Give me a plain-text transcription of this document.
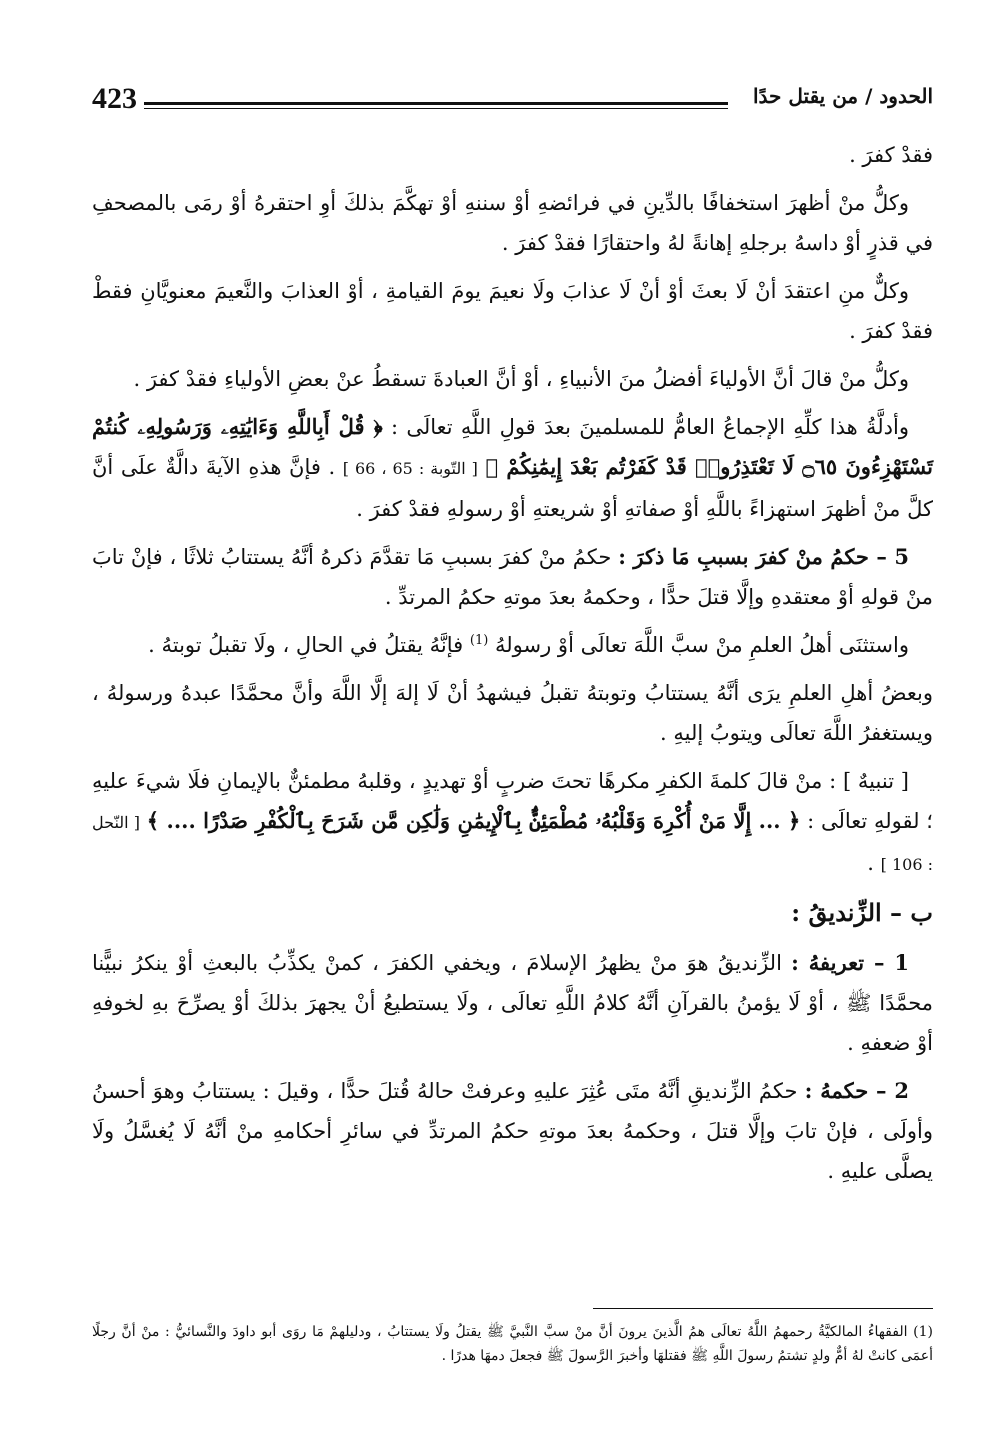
423	الحدود / من يقتل حدًا

فقدْ كفرَ .

وكلُّ منْ أظهرَ استخفافًا بالدِّينِ في فرائضهِ أوْ سننهِ أوْ تهكَّمَ بذلكَ أوِ احتقرهُ أوْ رمَى بالمصحفِ في قذرٍ أوْ داسهُ برجلهِ إهانةً لهُ واحتقارًا فقدْ كفرَ .

وكلٌّ منِ اعتقدَ أنْ لَا بعثَ أوْ أنْ لَا عذابَ ولَا نعيمَ يومَ القيامةِ ، أوْ العذابَ والنَّعيمَ معنويَّانِ فقطْ فقدْ كفرَ .

وكلُّ منْ قالَ أنَّ الأولياءَ أفضلُ منَ الأنبياءِ ، أوْ أنَّ العبادةَ تسقطُ عنْ بعضِ الأولياءِ فقدْ كفرَ .

وأدلَّةُ هذا كلِّهِ الإجماعُ العامُّ للمسلمينَ بعدَ قولِ اللَّهِ تعالَى : ﴿ قُلْ أَبِاللَّهِ وَءَايَٰتِهِۦ وَرَسُولِهِۦ كُنتُمْ تَسْتَهْزِءُونَ ۝٦٥ لَا تَعْتَذِرُوا۟ قَدْ كَفَرْتُم بَعْدَ إِيمَٰنِكُمْ ﴾ [ التّوبة : 65 ، 66 ] . فإنَّ هذهِ الآيةَ دالَّةٌ علَى أنَّ كلَّ منْ أظهرَ استهزاءً باللَّهِ أوْ صفاتهِ أوْ شريعتهِ أوْ رسولهِ فقدْ كفرَ .

5 – حكمُ منْ كفرَ بسببِ مَا ذكرَ : حكمُ منْ كفرَ بسببِ مَا تقدَّمَ ذكرهُ أنَّهُ يستتابُ ثلاثًا ، فإنْ تابَ منْ قولهِ أوْ معتقدهِ وإلَّا قتلَ حدًّا ، وحكمهُ بعدَ موتهِ حكمُ المرتدِّ .

واستثنَى أهلُ العلمِ منْ سبَّ اللَّهَ تعالَى أوْ رسولهُ $^{(1)}$ فإنَّهُ يقتلُ في الحالِ ، ولَا تقبلُ توبتهُ .

وبعضُ أهلِ العلمِ يرَى أنَّهُ يستتابُ وتوبتهُ تقبلُ فيشهدُ أنْ لَا إلهَ إلَّا اللَّهَ وأنَّ محمَّدًا عبدهُ ورسولهُ ، ويستغفرُ اللَّهَ تعالَى ويتوبُ إليهِ .

[ تنبيهٌ ] : منْ قالَ كلمةَ الكفرِ مكرهًا تحتَ ضربٍ أوْ تهديدٍ ، وقلبهُ مطمئنٌّ بالإيمانِ فلَا شيءَ عليهِ ؛ لقولهِ تعالَى : ﴿ ... إِلَّا مَنْ أُكْرِهَ وَقَلْبُهُۥ مُطْمَئِنٌّۢ بِٱلْإِيمَٰنِ وَلَٰكِن مَّن شَرَحَ بِٱلْكُفْرِ صَدْرًا .... ﴾ [ النّحل : 106 ] .

ب – الزِّنديقُ :

1 – تعريفهُ : الزِّنديقُ هوَ منْ يظهرُ الإسلامَ ، ويخفي الكفرَ ، كمنْ يكذِّبُ بالبعثِ أوْ ينكرُ نبيًّنا محمَّدًا ﷺ ، أوْ لَا يؤمنُ بالقرآنِ أنَّهُ كلامُ اللَّهِ تعالَى ، ولَا يستطيعُ أنْ يجهرَ بذلكَ أوْ يصرِّحَ بهِ لخوفهِ أوْ ضعفهِ .

2 – حكمهُ : حكمُ الزِّنديقِ أنَّهُ متَى عُثِرَ عليهِ وعرفتْ حالهُ قُتلَ حدًّا ، وقيلَ : يستتابُ وهوَ أحسنُ وأولَى ، فإنْ تابَ وإلَّا قتلَ ، وحكمهُ بعدَ موتهِ حكمُ المرتدِّ في سائرِ أحكامهِ منْ أنَّهُ لَا يُغسَّلُ ولَا يصلَّى عليهِ .

(1) الفقهاءُ المالكيَّةُ رحمهمُ اللَّهُ تعالَى همُ الَّذينَ يرونَ أنَّ منْ سبَّ النَّبيَّ ﷺ يقتلُ ولَا يستتابُ ، ودليلهمْ مَا روَى أبو داودَ والنَّسائيُّ : منْ أنَّ رجلًا أعمَى كانتْ لهُ أمٌّ ولدٍ تشتمُ رسولَ اللَّهِ ﷺ فقتلهَا وأخبرَ الرَّسولَ ﷺ فجعلَ دمهَا هدرًا .
